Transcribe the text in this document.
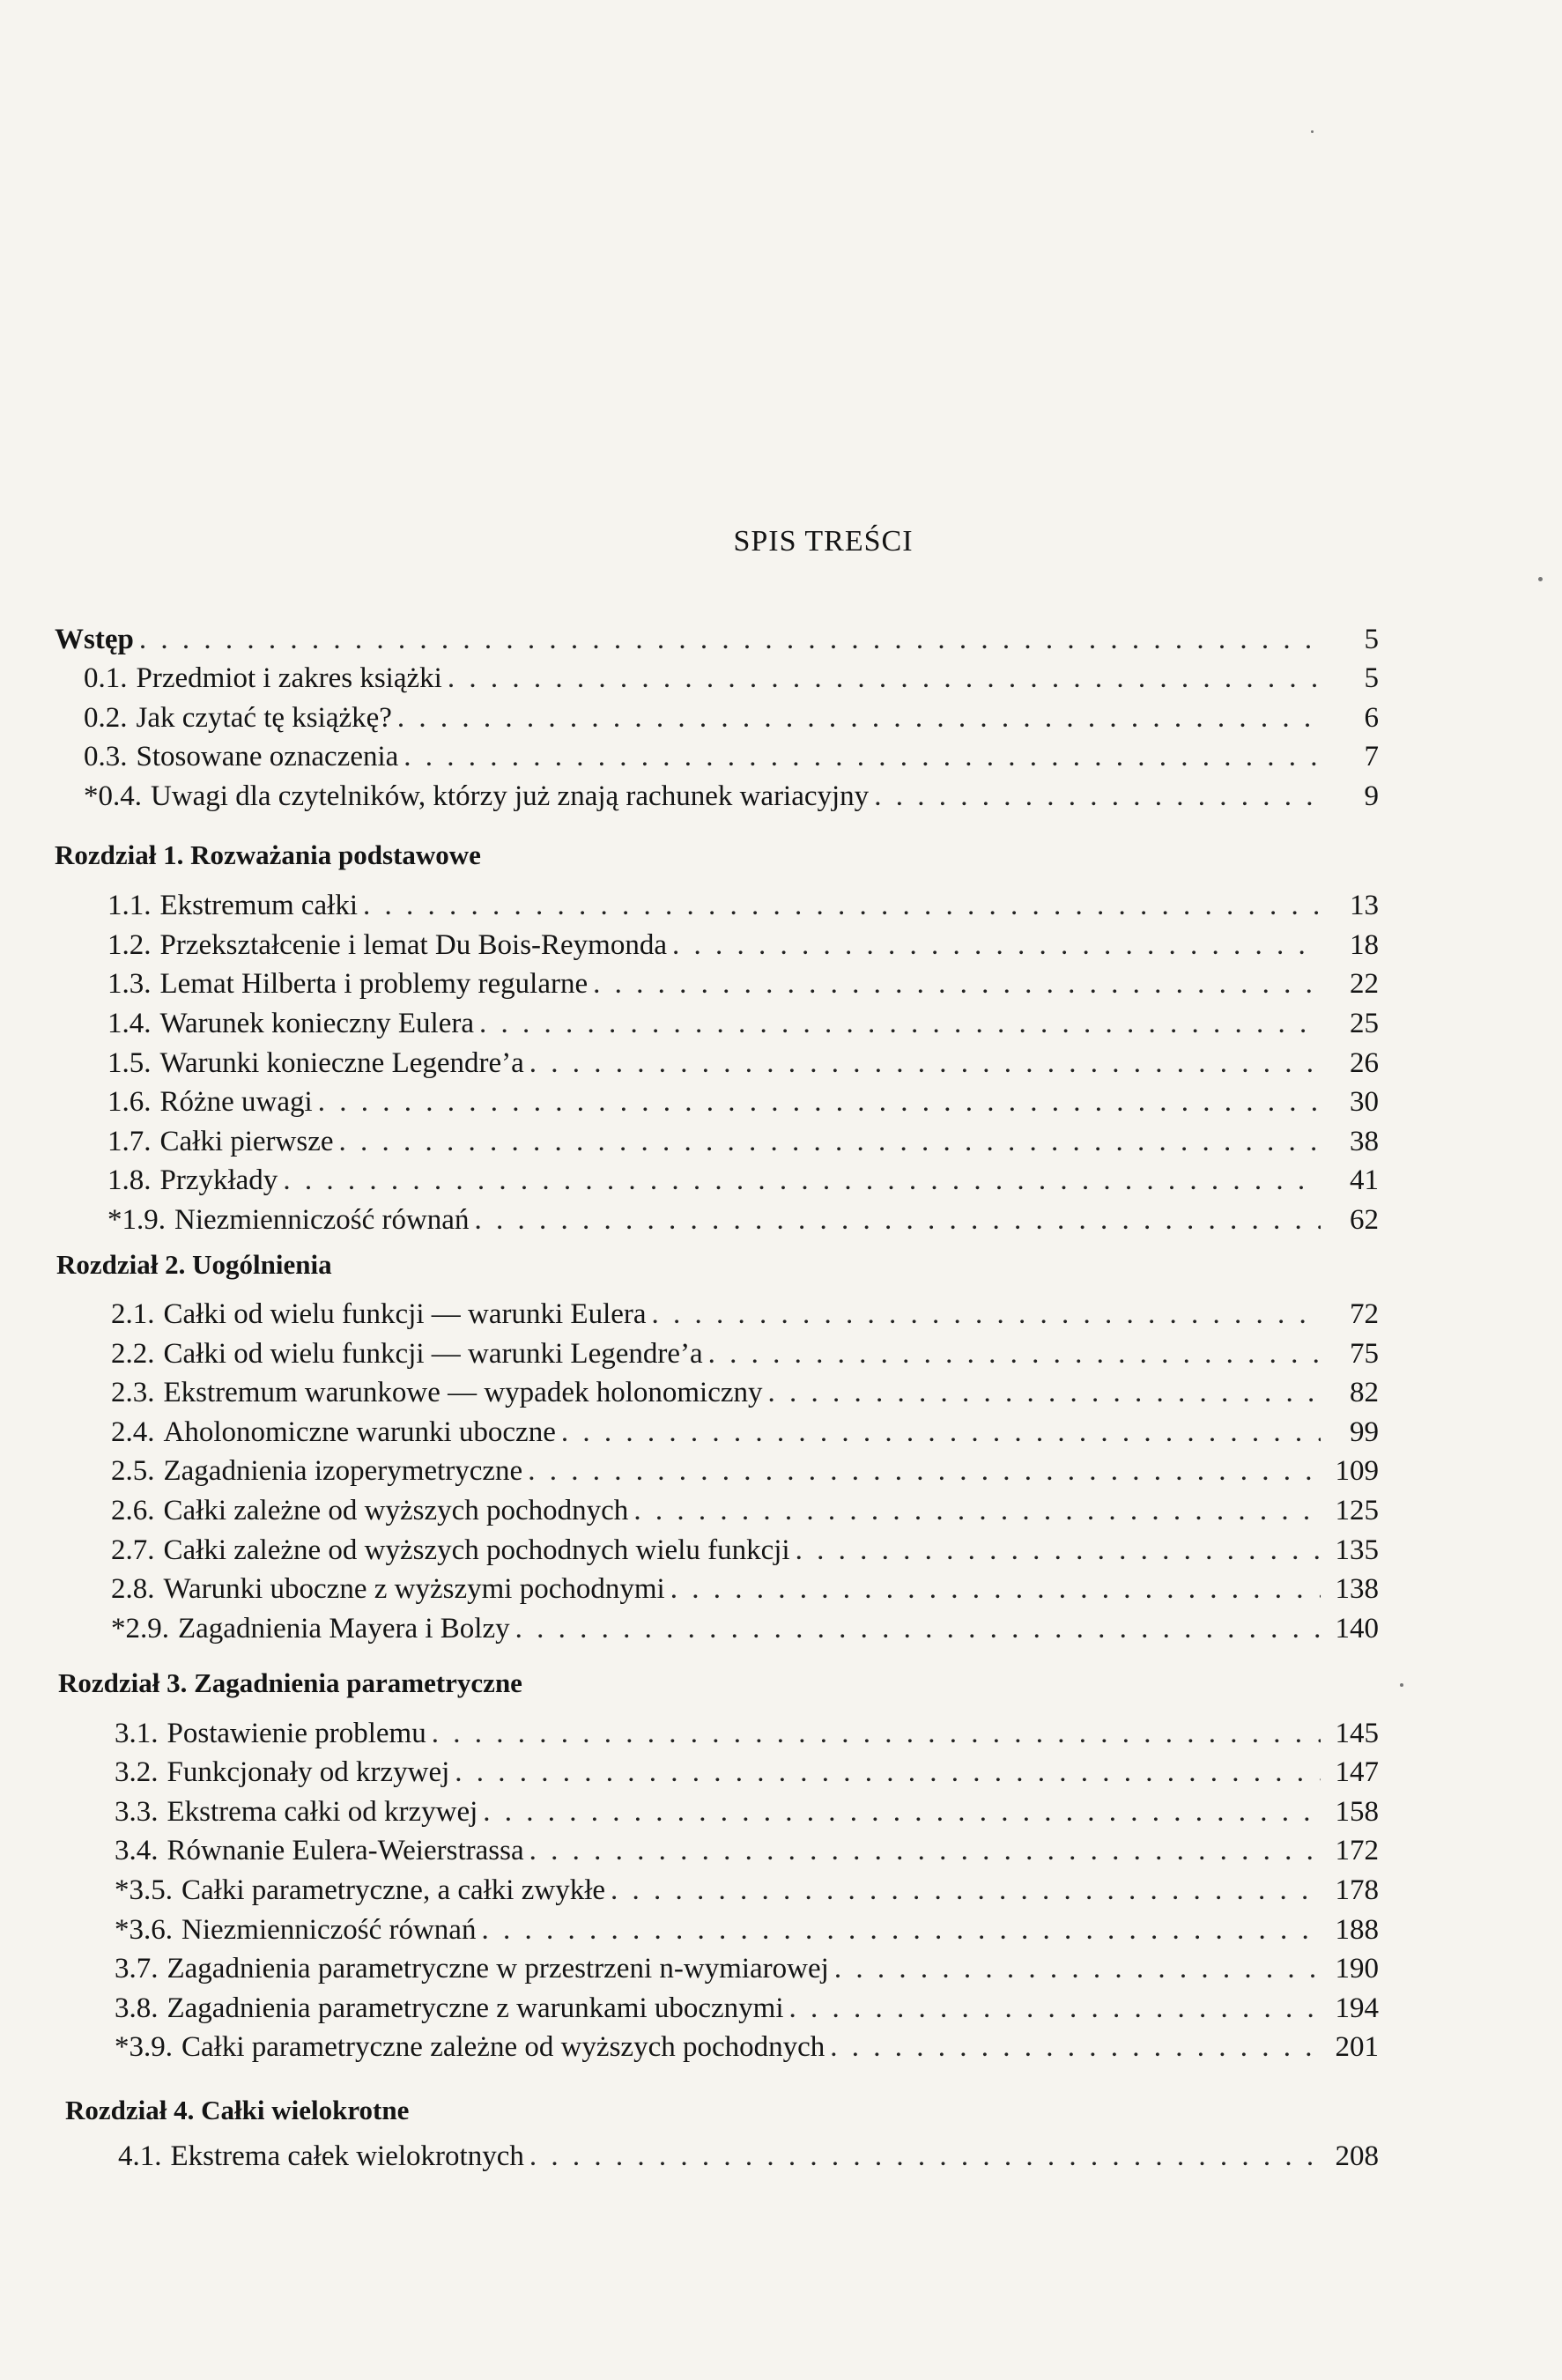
SPIS TREŚCI
Wstęp . . .	5
0.1. Przedmiot i zakres książki . . .	5
0.2. Jak czytać tę książkę? . . .	6
0.3. Stosowane oznaczenia . . .	7
*0.4. Uwagi dla czytelników, którzy już znają rachunek wariacyjny . . .	9
Rozdział 1. Rozważania podstawowe
1.1. Ekstremum całki . . .	13
1.2. Przekształcenie i lemat Du Bois-Reymonda . . .	18
1.3. Lemat Hilberta i problemy regularne . . .	22
1.4. Warunek konieczny Eulera . . .	25
1.5. Warunki konieczne Legendre’a . . .	26
1.6. Różne uwagi . . .	30
1.7. Całki pierwsze . . .	38
1.8. Przykłady . . .	41
*1.9. Niezmienniczość równań . . .	62
Rozdział 2. Uogólnienia
2.1. Całki od wielu funkcji — warunki Eulera . . .	72
2.2. Całki od wielu funkcji — warunki Legendre’a . . .	75
2.3. Ekstremum warunkowe — wypadek holonomiczny . . .	82
2.4. Aholonomiczne warunki uboczne . . .	99
2.5. Zagadnienia izoperymetryczne . . .	109
2.6. Całki zależne od wyższych pochodnych . . .	125
2.7. Całki zależne od wyższych pochodnych wielu funkcji . . .	135
2.8. Warunki uboczne z wyższymi pochodnymi . . .	138
*2.9. Zagadnienia Mayera i Bolzy . . .	140
Rozdział 3. Zagadnienia parametryczne
3.1. Postawienie problemu . . .	145
3.2. Funkcjonały od krzywej . . .	147
3.3. Ekstrema całki od krzywej . . .	158
3.4. Równanie Eulera-Weierstrassa . . .	172
*3.5. Całki parametryczne, a całki zwykłe . . .	178
*3.6. Niezmienniczość równań . . .	188
3.7. Zagadnienia parametryczne w przestrzeni n-wymiarowej . . .	190
3.8. Zagadnienia parametryczne z warunkami ubocznymi . . .	194
*3.9. Całki parametryczne zależne od wyższych pochodnych . . .	201
Rozdział 4. Całki wielokrotne
4.1. Ekstrema całek wielokrotnych . . .	208
